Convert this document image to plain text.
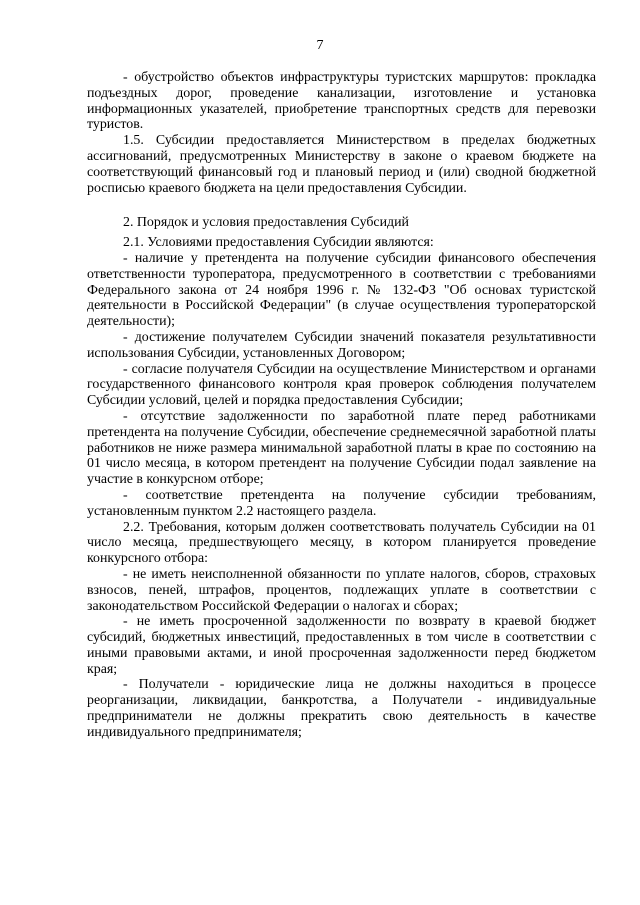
7

- обустройство объектов инфраструктуры туристских маршрутов: прокладка подъездных дорог, проведение канализации, изготовление и установка информационных указателей, приобретение транспортных средств для перевозки туристов.

1.5. Субсидии предоставляется Министерством в пределах бюджетных ассигнований, предусмотренных Министерству в законе о краевом бюджете на соответствующий финансовый год и плановый период и (или) сводной бюджетной росписью краевого бюджета на цели предоставления Субсидии.

2. Порядок и условия предоставления Субсидий

2.1. Условиями предоставления Субсидии являются:

- наличие у претендента на получение субсидии финансового обеспечения ответственности туроператора, предусмотренного в соответствии с требованиями Федерального закона от 24 ноября 1996 г. № 132-ФЗ "Об основах туристской деятельности в Российской Федерации" (в случае осуществления туроператорской деятельности);

- достижение получателем Субсидии значений показателя результативности использования Субсидии, установленных Договором;

- согласие получателя Субсидии на осуществление Министерством и органами государственного финансового контроля края проверок соблюдения получателем Субсидии условий, целей и порядка предоставления Субсидии;

- отсутствие задолженности по заработной плате перед работниками претендента на получение Субсидии, обеспечение среднемесячной заработной платы работников не ниже размера минимальной заработной платы в крае по состоянию на 01 число месяца, в котором претендент на получение Субсидии подал заявление на участие в конкурсном отборе;

- соответствие претендента на получение субсидии требованиям, установленным пунктом 2.2 настоящего раздела.

2.2. Требования, которым должен соответствовать получатель Субсидии на 01 число месяца, предшествующего месяцу, в котором планируется проведение конкурсного отбора:

- не иметь неисполненной обязанности по уплате налогов, сборов, страховых взносов, пеней, штрафов, процентов, подлежащих уплате в соответствии с законодательством Российской Федерации о налогах и сборах;

- не иметь просроченной задолженности по возврату в краевой бюджет субсидий, бюджетных инвестиций, предоставленных в том числе в соответствии с иными правовыми актами, и иной просроченная задолженности перед бюджетом края;

- Получатели - юридические лица не должны находиться в процессе реорганизации, ликвидации, банкротства, а Получатели - индивидуальные предприниматели не должны прекратить свою деятельность в качестве индивидуального предпринимателя;
